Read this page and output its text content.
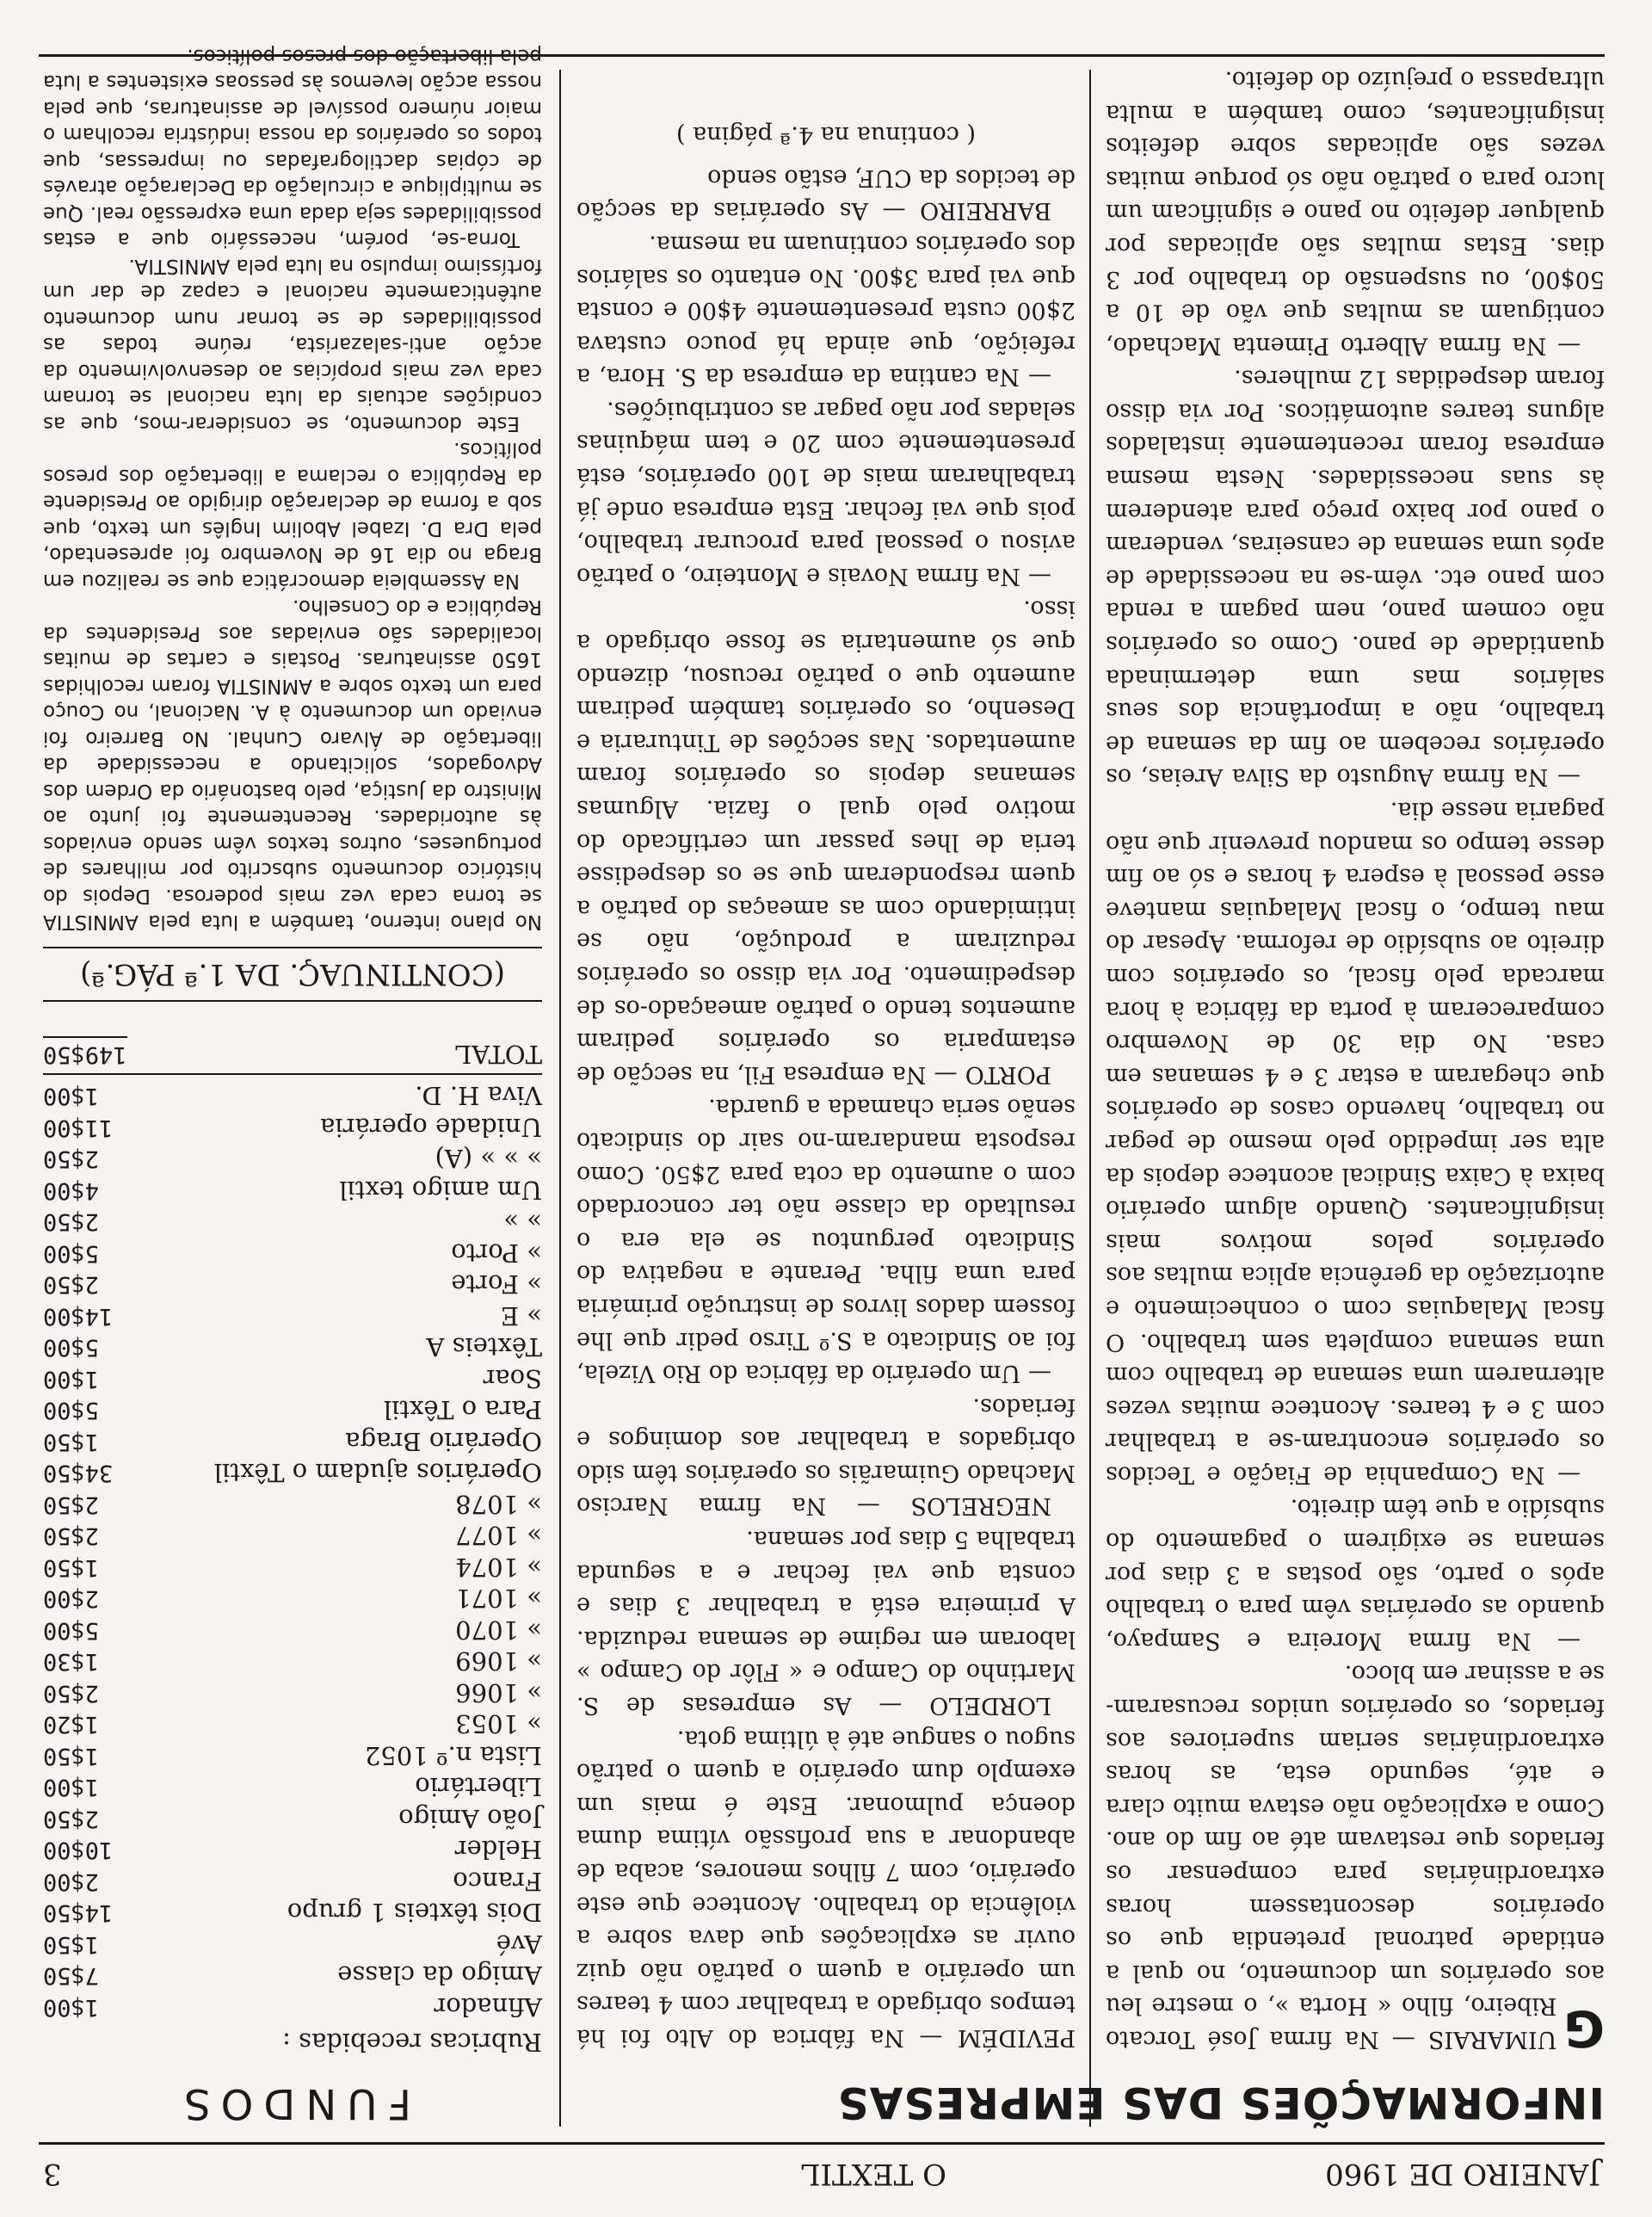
JANEIRO DE 1960
O TEXTIL
3
INFORMAÇÕES DAS EMPRESAS

G
UIMARAIS — Na firma José Torcato Ribeiro, filho « Horta », o mestre leu aos operários um documento, no qual a entidade patronal pretendia que os operários descontassem horas extraordinárias para compensar os feriados que restavam até ao fim do ano. Como a explicação não estava muito clara e até, segundo esta, as horas extraordinárias seriam superiores aos feriados, os operários unidos recusaram-se a assinar em bloco.

— Na firma Moreira e Sampayo, quando as operárias vêm para o trabalho após o parto, são postas a 3 dias por semana se exigirem o pagamento do subsídio a que têm direito.

— Na Companhia de Fiação e Tecidos os operários encontram-se a trabalhar com 3 e 4 teares. Acontece muitas vezes alternarem uma semana de trabalho com uma semana completa sem trabalho. O fiscal Malaquias com o conhecimento e autorização da gerência aplica multas aos operários pelos motivos mais insignificantes. Quando algum operário baixa à Caixa Sindical acontece depois da alta ser impedido pelo mesmo de pegar no trabalho, havendo casos de operários que chegaram a estar 3 e 4 semanas em casa. No dia 30 de Novembro compareceram à porta da fábrica à hora marcada pelo fiscal, os operários com direito ao subsídio de reforma. Apesar do mau tempo, o fiscal Malaquias manteve esse pessoal à espera 4 horas e só ao fim desse tempo os mandou prevenir que não pagaria nesse dia.

— Na firma Augusto da Silva Areias, os operários recebem ao fim da semana de trabalho, não a importância dos seus salários mas uma determinada quantidade de pano. Como os operários não comem pano, nem pagam a renda com pano etc. vêm-se na necessidade de após uma semana de canseiras, venderam o pano por baixo preço para atenderem às suas necessidades. Nesta mesma empresa foram recentemente instalados alguns teares automáticos. Por via disso foram despedidas 12 mulheres.

— Na firma Alberto Pimenta Machado, contiguam as multas que vão de 10 a 50$00, ou suspensão do trabalho por 3 dias. Estas multas são aplicadas por qualquer defeito no pano e significam um lucro para o patrão não só porque muitas vezes são aplicadas sobre defeitos insignificantes, como também a multa ultrapassa o prejuízo do defeito.

PEVIDÉM — Na fábrica do Alto foi há tempos obrigado a trabalhar com 4 teares um operário a quem o patrão não quiz ouvir as explicações que dava sobre a violência do trabalho. Acontece que este operário, com 7 filhos menores, acaba de abandonar a sua profissão vítima duma doença pulmonar. Este é mais um exemplo dum operário a quem o patrão sugou o sangue até à última gota.

LORDELO — As empresas de S. Martinho do Campo e « Flôr do Campo » laboram em regime de semana reduzida. A primeira está a trabalhar 3 dias e consta que vai fechar e a segunda trabalha 5 dias por semana.

NEGRELOS — Na firma Narciso Machado Guimarãis os operários têm sido obrigados a trabalhar aos domingos e feriados.

— Um operário da fábrica do Rio Vizela, foi ao Sindicato a S.º Tirso pedir que lhe fossem dados livros de instrução primária para uma filha. Perante a negativa do Sindicato perguntou se ela era o resultado da classe não ter concordado com o aumento da cota para 2$50. Como resposta mandaram-no sair do sindicato senão seria chamada a guarda.

PORTO — Na empresa Fil, na secção de estamparia os operários pediram aumentos tendo o patrão ameaçado-os de despedimento. Por via disso os operários reduziram a produção, não se intimidando com as ameaças do patrão a quem responderam que se os despedisse teria de lhes passar um certificado do motivo pelo qual o fazia. Algumas semanas depois os operários foram aumentados. Nas secções de Tinturaria e Desenho, os operários também pediram aumento que o patrão recusou, dizendo que só aumentaria se fosse obrigado a isso.

— Na firma Novais e Monteiro, o patrão avisou o pessoal para procurar trabalho, pois que vai fechar. Esta empresa onde já trabalharam mais de 100 operários, está presentemente com 20 e tem máquinas seladas por não pagar as contribuições.

— Na cantina da empresa da S. Hora, a refeição, que ainda há pouco custava 2$00 custa presentemente 4$00 e consta que vai para 3$00. No entanto os salários dos operários continuam na mesma.

BARREIRO — As operárias da secção de tecidos da CUF, estão sendo

( continua na 4.ª página )
FUNDOS
Rubricas recebidas :
Afinador
1$00
Amigo da classe
7$50
Avé
1$50
Dois têxteis 1 grupo
14$50
Franco
2$00
Helder
10$00
João Amigo
2$50
Libertário
1$00
Lista n.º 1052
1$50
» 1053
1$20
» 1066
2$50
» 1069
1$30
» 1070
5$00
» 1071
2$00
» 1074
1$50
» 1077
2$50
» 1078
2$50
Operários ajudam o Têxtil
34$50
Operário Braga
1$50
Para o Têxtil
5$00
Soar
1$00
Têxteis A
5$00
» E
14$00
» Forte
2$50
» Porto
5$00
» »
2$50
Um amigo textil
4$00
» » » (A)
2$50
Unidade operária
11$00
Viva H. D.
1$00
TOTAL
149$50
(CONTINUAÇ. DA 1.ª PÁG.ª)

No plano interno, também a luta pela AMNISTIA se torna cada vez mais poderosa. Depois do histórico documento subscrito por milhares de portugueses, outros textos vêm sendo enviados às autoridades. Recentemente foi junto ao Ministro da Justiça, pelo bastonário da Ordem dos Advogados, solicitando a necessidade da libertação de Álvaro Cunhal. No Barreiro foi enviado um documento à A. Nacional, no Couço para um texto sobre a AMNISTIA foram recolhidas 1650 assinaturas. Postais e cartas de muitas localidades são enviadas aos Presidentes da República e do Conselho.

Na Assembleia democrática que se realizou em Braga no dia 16 de Novembro foi apresentado, pela Dra D. Izabel Abolim Inglês um texto, que sob a forma de declaração dirigido ao Presidente da República o reclama a libertação dos presos políticos.

Este documento, se considerar-mos, que as condições actuais da luta nacional se tornam cada vez mais propícias ao desenvolvimento da acção anti-salazarista, reúne todas as possibilidades de se tornar num documento autênticamente nacional e capaz de dar um fortíssimo impulso na luta pela AMNISTIA.

Torna-se, porém, necessário que a estas possibilidades seja dada uma expressão real. Que se multiplique a circulação da Declaração através de cópias dactilografadas ou impressas, que todos os operários da nossa indústria recolham o maior número possível de assinaturas, que pela nossa acção levemos às pessoas existentes a luta pela libertação dos presos políticos.
